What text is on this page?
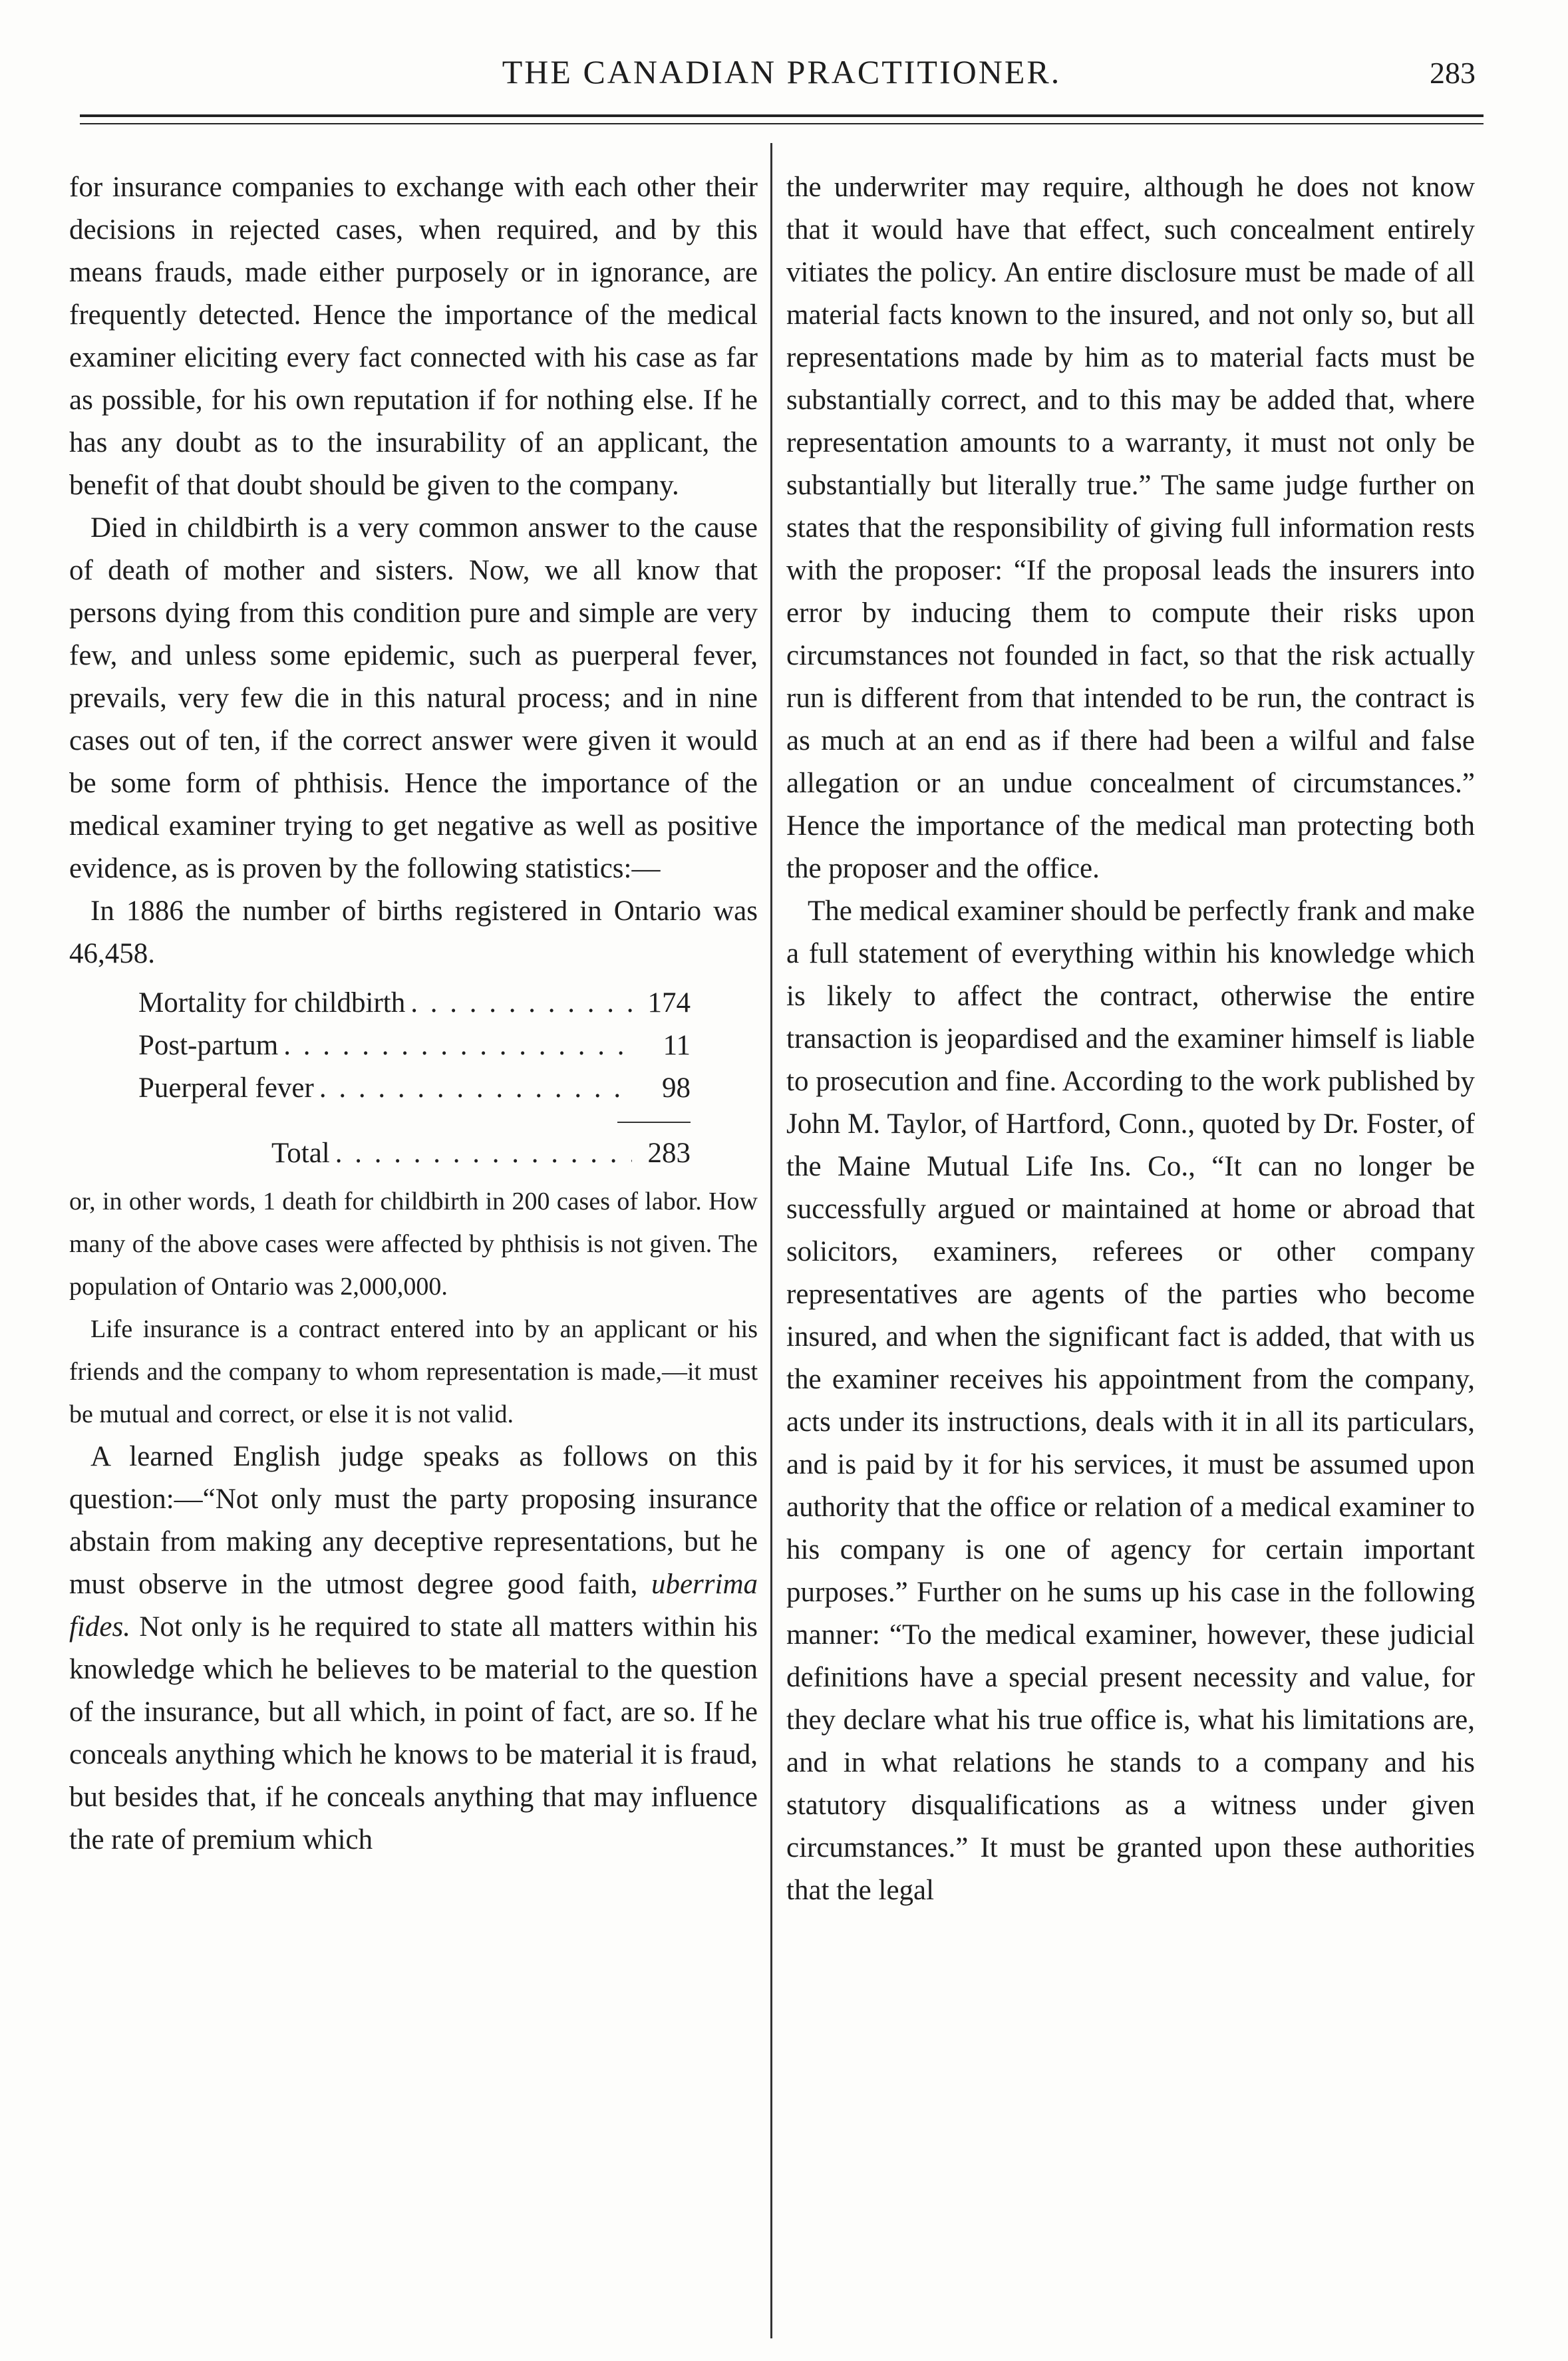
THE CANADIAN PRACTITIONER.	283

for insurance companies to exchange with each other their decisions in rejected cases, when required, and by this means frauds, made either purposely or in ignorance, are frequently detected. Hence the importance of the medical examiner eliciting every fact connected with his case as far as possible, for his own reputation if for nothing else. If he has any doubt as to the insurability of an applicant, the benefit of that doubt should be given to the company.

Died in childbirth is a very common answer to the cause of death of mother and sisters. Now, we all know that persons dying from this condition pure and simple are very few, and unless some epidemic, such as puerperal fever, prevails, very few die in this natural process; and in nine cases out of ten, if the correct answer were given it would be some form of phthisis. Hence the importance of the medical examiner trying to get negative as well as positive evidence, as is proven by the following statistics:—

In 1886 the number of births registered in Ontario was 46,458.

Mortality for childbirth . . .	174
Post-partum . . .	11
Puerperal fever . . .	98
Total . . .	283

or, in other words, 1 death for childbirth in 200 cases of labor. How many of the above cases were affected by phthisis is not given. The population of Ontario was 2,000,000.

Life insurance is a contract entered into by an applicant or his friends and the company to whom representation is made,—it must be mutual and correct, or else it is not valid.

A learned English judge speaks as follows on this question:—“Not only must the party proposing insurance abstain from making any deceptive representations, but he must observe in the utmost degree good faith, uberrima fides. Not only is he required to state all matters within his knowledge which he believes to be material to the question of the insurance, but all which, in point of fact, are so. If he conceals anything which he knows to be material it is fraud, but besides that, if he conceals anything that may influence the rate of premium which

the underwriter may require, although he does not know that it would have that effect, such concealment entirely vitiates the policy. An entire disclosure must be made of all material facts known to the insured, and not only so, but all representations made by him as to material facts must be substantially correct, and to this may be added that, where representation amounts to a warranty, it must not only be substantially but literally true.” The same judge further on states that the responsibility of giving full information rests with the proposer: “If the proposal leads the insurers into error by inducing them to compute their risks upon circumstances not founded in fact, so that the risk actually run is different from that intended to be run, the contract is as much at an end as if there had been a wilful and false allegation or an undue concealment of circumstances.” Hence the importance of the medical man protecting both the proposer and the office.

The medical examiner should be perfectly frank and make a full statement of everything within his knowledge which is likely to affect the contract, otherwise the entire transaction is jeopardised and the examiner himself is liable to prosecution and fine. According to the work published by John M. Taylor, of Hartford, Conn., quoted by Dr. Foster, of the Maine Mutual Life Ins. Co., “It can no longer be successfully argued or maintained at home or abroad that solicitors, examiners, referees or other company representatives are agents of the parties who become insured, and when the significant fact is added, that with us the examiner receives his appointment from the company, acts under its instructions, deals with it in all its particulars, and is paid by it for his services, it must be assumed upon authority that the office or relation of a medical examiner to his company is one of agency for certain important purposes.” Further on he sums up his case in the following manner: “To the medical examiner, however, these judicial definitions have a special present necessity and value, for they declare what his true office is, what his limitations are, and in what relations he stands to a company and his statutory disqualifications as a witness under given circumstances.” It must be granted upon these authorities that the legal
